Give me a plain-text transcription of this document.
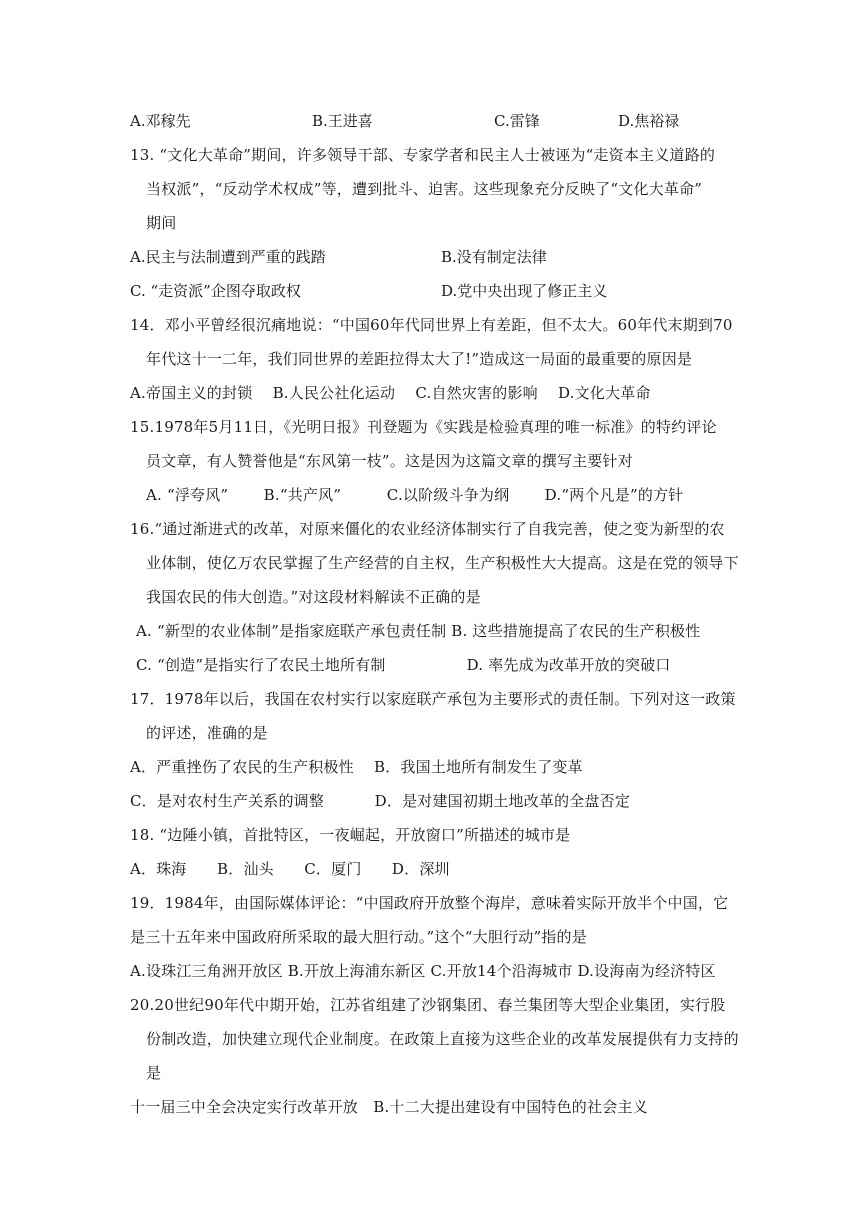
A.邓稼先	B.王进喜	C.雷锋	D.焦裕禄
13. “文化大革命”期间，许多领导干部、专家学者和民主人士被诬为“走资本主义道路的
当权派”，“反动学术权成”等，遭到批斗、迫害。这些现象充分反映了“文化大革命”
期间
A.民主与法制遭到严重的践踏	B.没有制定法律
C. “走资派”企图夺取政权	D.党中央出现了修正主义
14．邓小平曾经很沉痛地说：“中国60年代同世界上有差距，但不太大。60年代末期到70
年代这十一二年，我们同世界的差距拉得太大了!”造成这一局面的最重要的原因是
A.帝国主义的封锁　 B.人民公社化运动　 C.自然灾害的影响　 D.文化大革命
15.1978年5月11日，《光明日报》刊登题为《实践是检验真理的唯一标准》的特约评论
员文章，有人赞誉他是“东风第一枝”。这是因为这篇文章的撰写主要针对
A. “浮夸风”　　 B.“共产风”　　　C.以阶级斗争为纲　　 D.“两个凡是”的方针
16.“通过渐进式的改革，对原来僵化的农业经济体制实行了自我完善，使之变为新型的农
业体制，使亿万农民掌握了生产经营的自主权，生产积极性大大提高。这是在党的领导下
我国农民的伟大创造。”对这段材料解读不正确的是
A. “新型的农业体制”是指家庭联产承包责任制 B. 这些措施提高了农民的生产积极性
C. “创造”是指实行了农民土地所有制　　　　　 D. 率先成为改革开放的突破口
17．1978年以后，我国在农村实行以家庭联产承包为主要形式的责任制。下列对这一政策
的评述，准确的是
A．严重挫伤了农民的生产积极性　 B．我国土地所有制发生了变革
C．是对农村生产关系的调整　　　 D．是对建国初期土地改革的全盘否定
18. “边陲小镇，首批特区，一夜崛起，开放窗口”所描述的城市是
A．珠海　　B．汕头　　C．厦门　　D．深圳
19．1984年，由国际媒体评论：“中国政府开放整个海岸，意味着实际开放半个中国，它
是三十五年来中国政府所采取的最大胆行动。”这个“大胆行动”指的是
A.设珠江三角洲开放区 B.开放上海浦东新区 C.开放14个沿海城市 D.设海南为经济特区
20.20世纪90年代中期开始，江苏省组建了沙钢集团、春兰集团等大型企业集团，实行股
份制改造，加快建立现代企业制度。在政策上直接为这些企业的改革发展提供有力支持的
是
十一届三中全会决定实行改革开放　B.十二大提出建设有中国特色的社会主义
